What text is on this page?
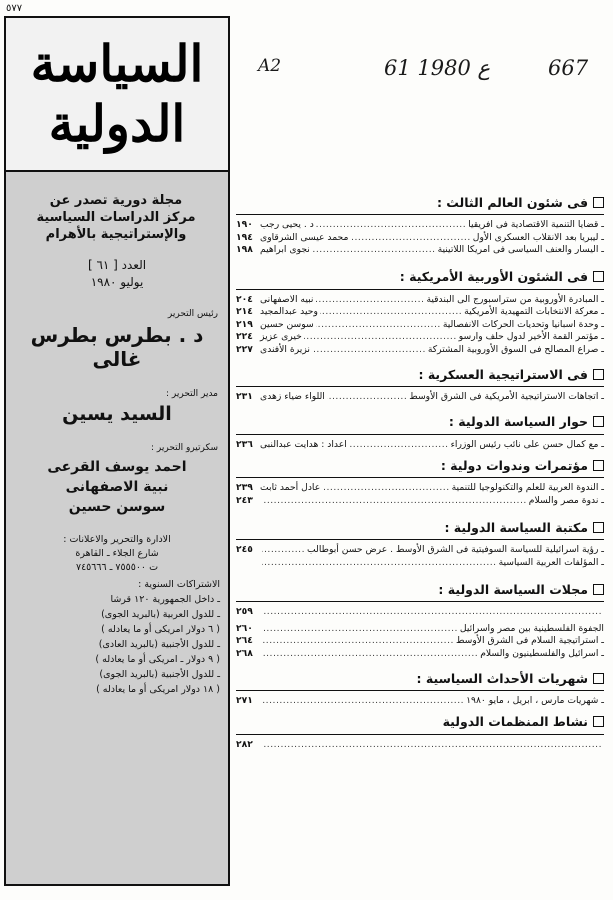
٥٧٧
A2	61 ع 1980	667
السياسة
الدولية
مجلة دورية تصدر عن
مركز الدراسات السياسية
والإستراتيجية بالأهرام
العدد [ ٦١ ]
يوليو ١٩٨٠
رئيس التحرير
د . بطرس بطرس غالى
مدير التحرير :
السيد يسين
سكرتيرو التحرير :
احمد يوسف القرعى
نبية الاصفهانى
سوسن حسين
الادارة والتحرير والاعلانات :
شارع الجلاء ـ القاهرة
ت ٧٥٥٥٠٠ ـ ٧٤٥٦٦٦
الاشتراكات السنوية :
ـ داخل الجمهورية ١٢٠ قرشا
ـ للدول العربية (بالبريد الجوى)
( ٦ دولار امريكى أو ما يعادله )
ـ للدول الأجنبية (بالبريد العادى)
( ٩ دولار ـ امريكى أو ما يعادله )
ـ للدول الأجنبية (بالبريد الجوى)
( ١٨ دولار امريكى أو ما يعادله )
فى شئون العالم الثالث :
ـ قضايا التنمية الاقتصادية فى افريقيا
.....
د . يحيى رجب
١٩٠
ـ ليبريا بعد الانقلاب العسكرى الأول
.....
محمد عيسى الشرقاوى
١٩٤
ـ اليسار والعنف السياسى فى امريكا اللاتينية
.....
نجوى ابراهيم
١٩٨
فى الشئون الأوربية الأمريكية :
ـ المبادرة الأوروبية من ستراسبورج الى البندقية
.....
نبيه الاصفهانى
٢٠٤
ـ معركة الانتخابات التمهيدية الأمريكية
.....
وحيد عبدالمجيد
٢١٤
ـ وحدة اسبانيا وتحديات الحركات الانفصالية
.....
سوسن حسين
٢١٩
ـ مؤتمر القمة الأخير لدول حلف وارسو
.....
خيرى عزيز
٢٢٤
ـ صراع المصالح فى السوق الأوروبية المشتركة
.....
نزيرة الأفندى
٢٢٧
فى الاستراتيجية العسكرية :
ـ اتجاهات الاستراتيجية الأمريكية فى الشرق الأوسط
.....
اللواء ضياء زهدى
٢٣١
حوار السياسة الدولية :
ـ مع كمال حسن على نائب رئيس الوزراء
.....
اعداد : هدايت عبدالنبى
٢٣٦
مؤتمرات وندوات دولية :
ـ الندوة العربية للعلم والتكنولوجيا للتنمية
.....
عادل أحمد ثابت
٢٣٩
ـ ندوة مصر والسلام
.....
٢٤٣
مكتبة السياسة الدولية :
ـ رؤية اسرائيلية للسياسة السوفيتية فى الشرق الأوسط . عرض حسن أبوطالب
.....
٢٤٥
ـ المؤلفات العربية السياسية
.....
مجلات السياسة الدولية :
.....
٢٥٩
الجفوة الفلسطينية بين مصر واسرائيل
.....
٢٦٠
ـ استراتيجية السلام فى الشرق الأوسط
.....
٢٦٤
ـ اسرائيل والفلسطينيون والسلام
.....
٢٦٨
شهريات الأحداث السياسية :
ـ شهريات مارس ، ابريل ، مايو ١٩٨٠
.....
٢٧١
نشاط المنظمات الدولية
.....
٢٨٢
